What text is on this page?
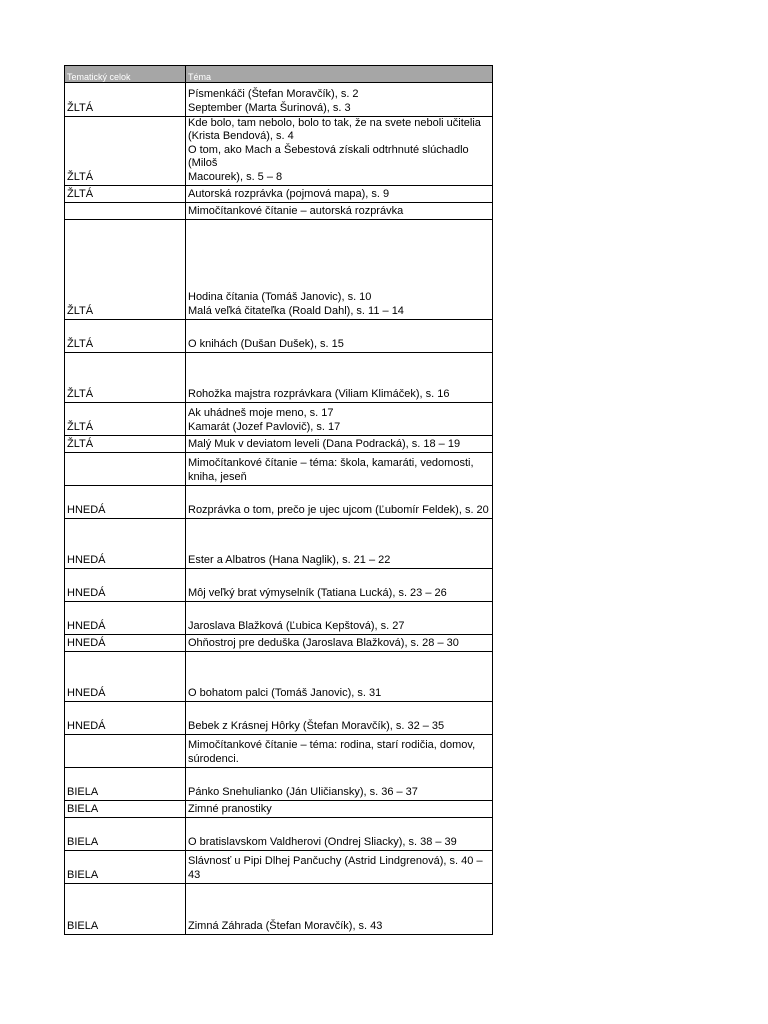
Tematický celok	Téma
ŽLTÁ	Písmenkáči (Štefan Moravčík), s. 2
September (Marta Šurinová), s. 3
ŽLTÁ	Kde bolo, tam nebolo, bolo to tak, že na svete neboli učitelia
(Krista Bendová), s. 4
O tom, ako Mach a Šebestová získali odtrhnuté slúchadlo (Miloš
Macourek), s. 5 – 8
ŽLTÁ	Autorská rozprávka (pojmová mapa), s. 9
	Mimočítankové čítanie – autorská rozprávka
ŽLTÁ	Hodina čítania (Tomáš Janovic), s. 10
Malá veľká čitateľka (Roald Dahl), s. 11 – 14
ŽLTÁ	O knihách (Dušan Dušek), s. 15
ŽLTÁ	Rohožka majstra rozprávkara (Viliam Klimáček), s. 16
ŽLTÁ	Ak uhádneš moje meno, s. 17
Kamarát (Jozef Pavlovič), s. 17
ŽLTÁ	Malý Muk v deviatom leveli (Dana Podracká), s. 18 – 19
	Mimočítankové čítanie – téma: škola, kamaráti, vedomosti,
kniha, jeseň
HNEDÁ	Rozprávka o tom, prečo je ujec ujcom (Ľubomír Feldek), s. 20
HNEDÁ	Ester a Albatros (Hana Naglik), s. 21 – 22
HNEDÁ	Môj veľký brat výmyselník (Tatiana Lucká), s. 23 – 26
HNEDÁ	Jaroslava Blažková (Ľubica Kepštová), s. 27
HNEDÁ	Ohňostroj pre deduška (Jaroslava Blažková), s. 28 – 30
HNEDÁ	O bohatom palci (Tomáš Janovic), s. 31
HNEDÁ	Bebek z Krásnej Hôrky (Štefan Moravčík), s. 32 – 35
	Mimočítankové čítanie – téma: rodina, starí rodičia, domov,
súrodenci.
BIELA	Pánko Snehulianko (Ján Uličiansky), s. 36 – 37
BIELA	Zimné pranostiky
BIELA	O bratislavskom Valdherovi (Ondrej Sliacky), s. 38 – 39
BIELA	Slávnosť u Pipi Dlhej Pančuchy (Astrid Lindgrenová), s. 40 – 43
BIELA	Zimná Záhrada (Štefan Moravčík), s. 43
